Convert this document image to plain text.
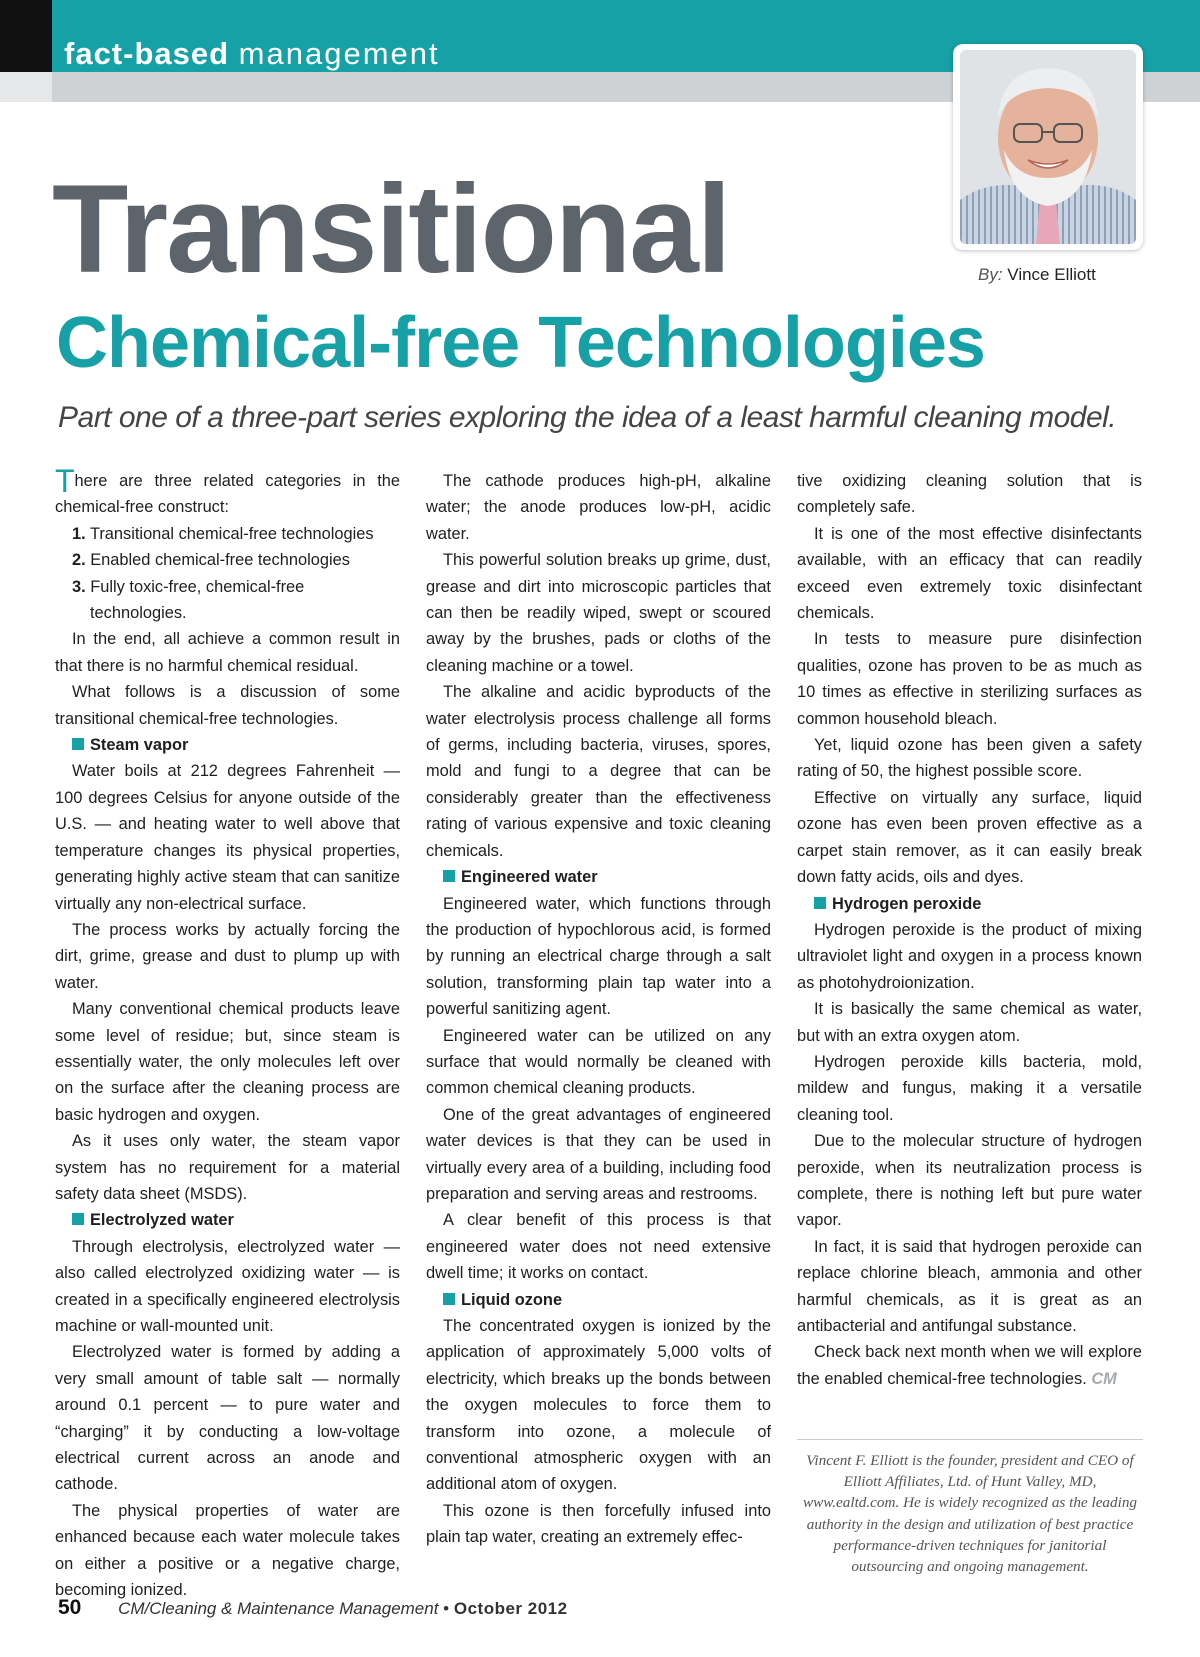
fact-based management
By: Vince Elliott
Transitional
Chemical-free Technologies
Part one of a three-part series exploring the idea of a least harmful cleaning model.

There are three related categories in the chemical-free construct:

1. Transitional chemical-free technologies
2. Enabled chemical-free technologies
3. Fully toxic-free, chemical-free
technologies.

In the end, all achieve a common result in that there is no harmful chemical residual.

What follows is a discussion of some transitional chemical-free technologies.

Steam vapor

Water boils at 212 degrees Fahrenheit — 100 degrees Celsius for anyone outside of the U.S. — and heating water to well above that temperature changes its physical properties, generating highly active steam that can sanitize virtually any non-electrical surface.

The process works by actually forcing the dirt, grime, grease and dust to plump up with water.

Many conventional chemical products leave some level of residue; but, since steam is essentially water, the only molecules left over on the surface after the cleaning process are basic hydrogen and oxygen.

As it uses only water, the steam vapor system has no requirement for a material safety data sheet (MSDS).

Electrolyzed water

Through electrolysis, electrolyzed water — also called electrolyzed oxidizing water — is created in a specifically engineered electrolysis machine or wall-mounted unit.

Electrolyzed water is formed by adding a very small amount of table salt — normally around 0.1 percent — to pure water and “charging” it by conducting a low-voltage electrical current across an anode and cathode.

The physical properties of water are enhanced because each water molecule takes on either a positive or a negative charge, becoming ionized.

The cathode produces high-pH, alkaline water; the anode produces low-pH, acidic water.

This powerful solution breaks up grime, dust, grease and dirt into microscopic particles that can then be readily wiped, swept or scoured away by the brushes, pads or cloths of the cleaning machine or a towel.

The alkaline and acidic byproducts of the water electrolysis process challenge all forms of germs, including bacteria, viruses, spores, mold and fungi to a degree that can be considerably greater than the effectiveness rating of various expensive and toxic cleaning chemicals.

Engineered water

Engineered water, which functions through the production of hypochlorous acid, is formed by running an electrical charge through a salt solution, transforming plain tap water into a powerful sanitizing agent.

Engineered water can be utilized on any surface that would normally be cleaned with common chemical cleaning products.

One of the great advantages of engineered water devices is that they can be used in virtually every area of a building, including food preparation and serving areas and restrooms.

A clear benefit of this process is that engineered water does not need extensive dwell time; it works on contact.

Liquid ozone

The concentrated oxygen is ionized by the application of approximately 5,000 volts of electricity, which breaks up the bonds between the oxygen molecules to force them to transform into ozone, a molecule of conventional atmospheric oxygen with an additional atom of oxygen.

This ozone is then forcefully infused into plain tap water, creating an extremely effec-

tive oxidizing cleaning solution that is completely safe.

It is one of the most effective disinfectants available, with an efficacy that can readily exceed even extremely toxic disinfectant chemicals.

In tests to measure pure disinfection qualities, ozone has proven to be as much as 10 times as effective in sterilizing surfaces as common household bleach.

Yet, liquid ozone has been given a safety rating of 50, the highest possible score.

Effective on virtually any surface, liquid ozone has even been proven effective as a carpet stain remover, as it can easily break down fatty acids, oils and dyes.

Hydrogen peroxide

Hydrogen peroxide is the product of mixing ultraviolet light and oxygen in a process known as photohydroionization.

It is basically the same chemical as water, but with an extra oxygen atom.

Hydrogen peroxide kills bacteria, mold, mildew and fungus, making it a versatile cleaning tool.

Due to the molecular structure of hydrogen peroxide, when its neutralization process is complete, there is nothing left but pure water vapor.

In fact, it is said that hydrogen peroxide can replace chlorine bleach, ammonia and other harmful chemicals, as it is great as an antibacterial and antifungal substance.

Check back next month when we will explore the enabled chemical-free technologies. CM

Vincent F. Elliott is the founder, president and CEO of Elliott Affiliates, Ltd. of Hunt Valley, MD, www.ealtd.com. He is widely recognized as the leading authority in the design and utilization of best practice performance-driven techniques for janitorial outsourcing and ongoing management.
50 CM/Cleaning & Maintenance Management • October 2012
